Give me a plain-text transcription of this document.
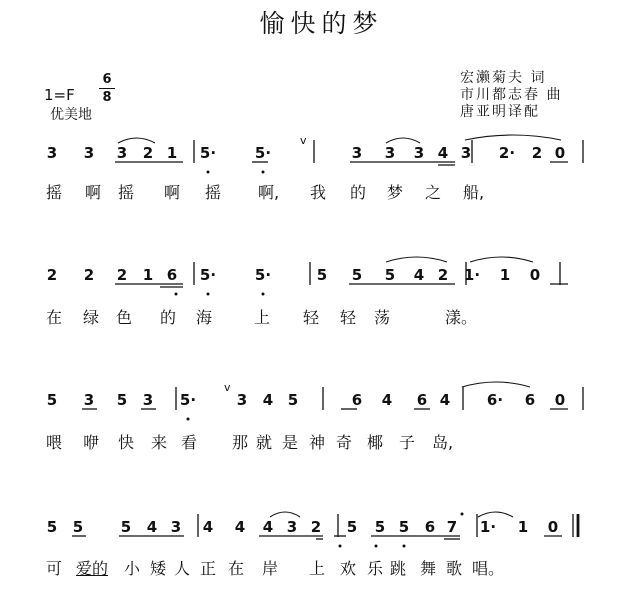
愉快的梦
1=F
6
8
优美地
宏濑菊夫 词
市川都志春 曲
唐亚明译配
3 3 3 2 1 5·	5·
v
3 3 3 4 3 2· 2 0
2 2 2 1 6 5·	5·	5 5 5 4 2 1· 1 0
5 3 5 3 5·
v
3 4 5	6 4 6 4 6· 6 0
5 5	5 4 3 4 4 4 3 2 5 5 5 6 7 1· 1 0
摇 啊 摇 啊 摇 啊, 我 的 梦 之 船,
在 绿 色 的 海	上 轻 轻 荡	漾。
喂 咿 快 来 看 那 就 是 神 奇 椰 子 岛,
可 爱的 小 矮 人 正 在 岸 上 欢 乐 跳 舞 歌 唱。
